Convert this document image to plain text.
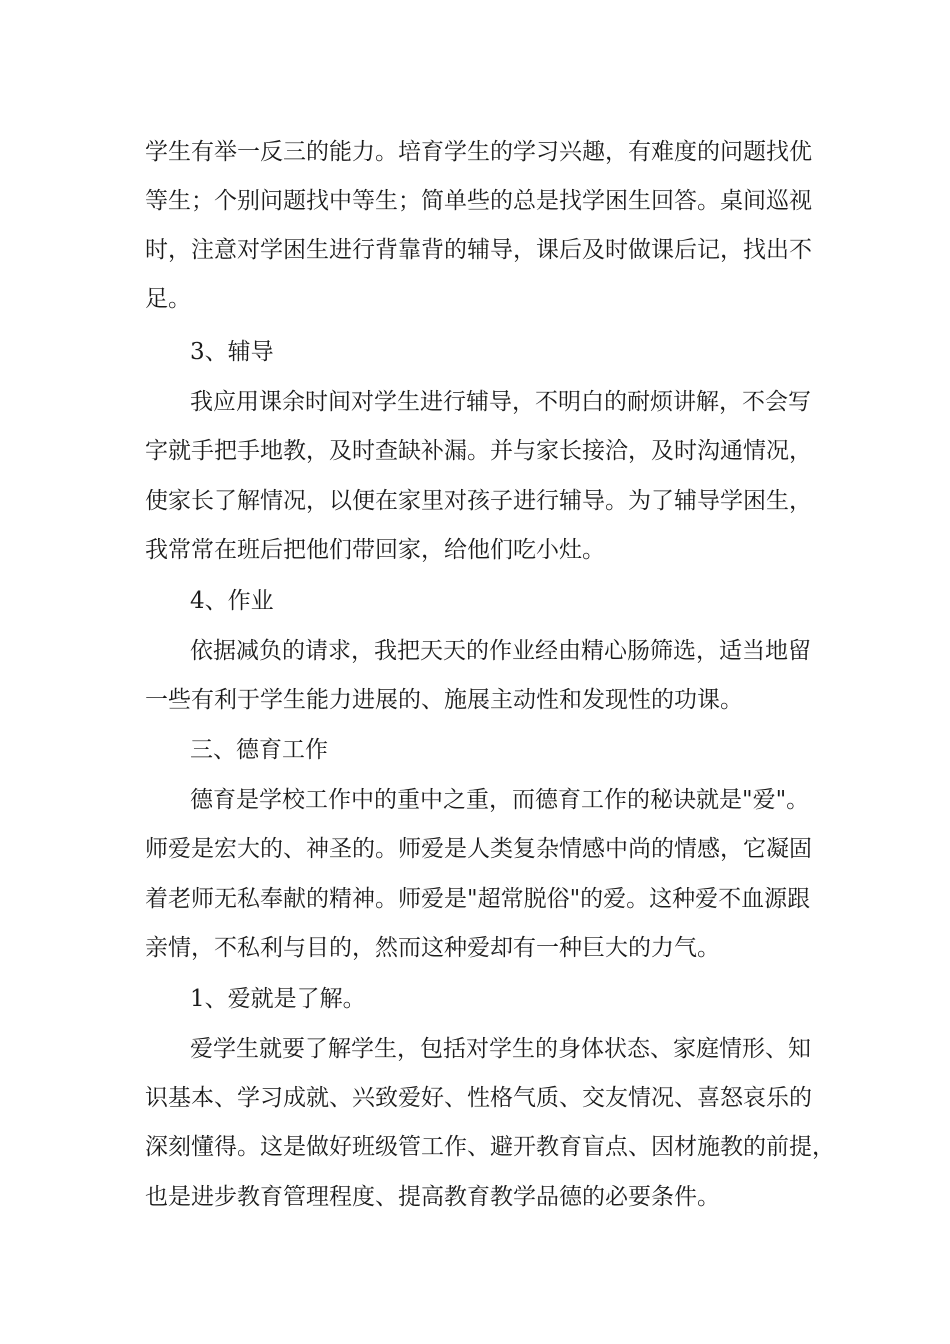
学生有举一反三的能力。培育学生的学习兴趣，有难度的问题找优
等生；个别问题找中等生；简单些的总是找学困生回答。桌间巡视
时，注意对学困生进行背靠背的辅导，课后及时做课后记，找出不
足。
3、辅导
我应用课余时间对学生进行辅导，不明白的耐烦讲解，不会写
字就手把手地教，及时查缺补漏。并与家长接洽，及时沟通情况，
使家长了解情况，以便在家里对孩子进行辅导。为了辅导学困生，
我常常在班后把他们带回家，给他们吃小灶。
4、作业
依据减负的请求，我把天天的作业经由精心肠筛选，适当地留
一些有利于学生能力进展的、施展主动性和发现性的功课。
三、德育工作
德育是学校工作中的重中之重，而德育工作的秘诀就是"爱"。
师爱是宏大的、神圣的。师爱是人类复杂情感中尚的情感，它凝固
着老师无私奉献的精神。师爱是"超常脱俗"的爱。这种爱不血源跟
亲情，不私利与目的，然而这种爱却有一种巨大的力气。
1、爱就是了解。
爱学生就要了解学生，包括对学生的身体状态、家庭情形、知
识基本、学习成就、兴致爱好、性格气质、交友情况、喜怒哀乐的
深刻懂得。这是做好班级管工作、避开教育盲点、因材施教的前提，
也是进步教育管理程度、提高教育教学品德的必要条件。
